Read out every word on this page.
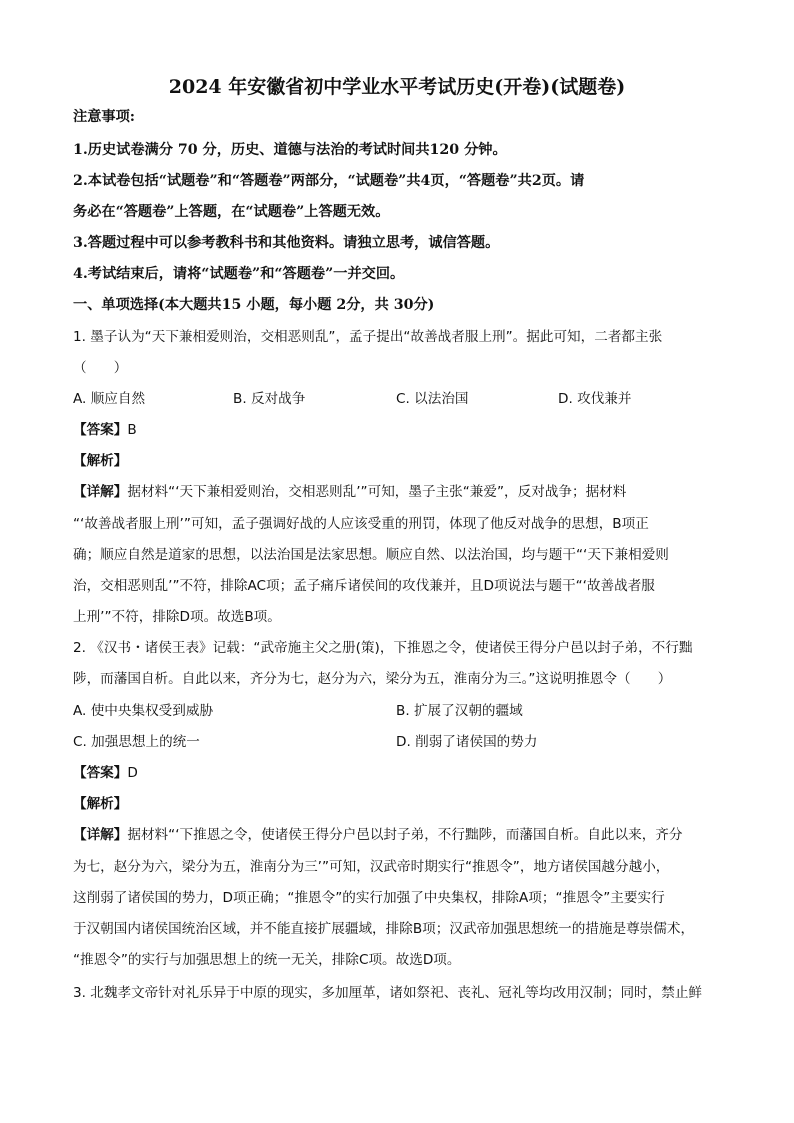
2024 年安徽省初中学业水平考试历史(开卷)(试题卷)
注意事项:
1.历史试卷满分 70 分，历史、道德与法治的考试时间共120 分钟。
2.本试卷包括“试题卷”和“答题卷”两部分，“试题卷”共4页，“答题卷”共2页。请
务必在“答题卷”上答题，在“试题卷”上答题无效。
3.答题过程中可以参考教科书和其他资料。请独立思考，诚信答题。
4.考试结束后，请将“试题卷”和“答题卷”一并交回。
一、单项选择(本大题共15 小题，每小题 2分，共 30分)
1. 墨子认为“天下兼相爱则治，交相恶则乱”，孟子提出“故善战者服上刑”。据此可知，二者都主张
（　　）
A. 顺应自然	B. 反对战争	C. 以法治国	D. 攻伐兼并
【答案】B
【解析】
【详解】据材料“‘天下兼相爱则治，交相恶则乱’”可知，墨子主张“兼爱”，反对战争；据材料
“‘故善战者服上刑’”可知，孟子强调好战的人应该受重的刑罚，体现了他反对战争的思想，B项正
确；顺应自然是道家的思想，以法治国是法家思想。顺应自然、以法治国，均与题干“‘天下兼相爱则
治，交相恶则乱’”不符，排除AC项；孟子痛斥诸侯间的攻伐兼并，且D项说法与题干“‘故善战者服
上刑’”不符，排除D项。故选B项。
2. 《汉书・诸侯王表》记载：“武帝施主父之册(策)，下推恩之令，使诸侯王得分户邑以封子弟，不行黜
陟，而藩国自析。自此以来，齐分为七，赵分为六，梁分为五，淮南分为三。”这说明推恩令（　　）
A. 使中央集权受到威胁	B. 扩展了汉朝的疆域
C. 加强思想上的统一	D. 削弱了诸侯国的势力
【答案】D
【解析】
【详解】据材料“‘下推恩之令，使诸侯王得分户邑以封子弟，不行黜陟，而藩国自析。自此以来，齐分
为七，赵分为六，梁分为五，淮南分为三’”可知，汉武帝时期实行“推恩令”，地方诸侯国越分越小，
这削弱了诸侯国的势力，D项正确；“推恩令”的实行加强了中央集权，排除A项；“推恩令”主要实行
于汉朝国内诸侯国统治区域，并不能直接扩展疆域，排除B项；汉武帝加强思想统一的措施是尊崇儒术，
“推恩令”的实行与加强思想上的统一无关，排除C项。故选D项。
3. 北魏孝文帝针对礼乐异于中原的现实，多加厘革，诸如祭祀、丧礼、冠礼等均改用汉制；同时，禁止鲜
